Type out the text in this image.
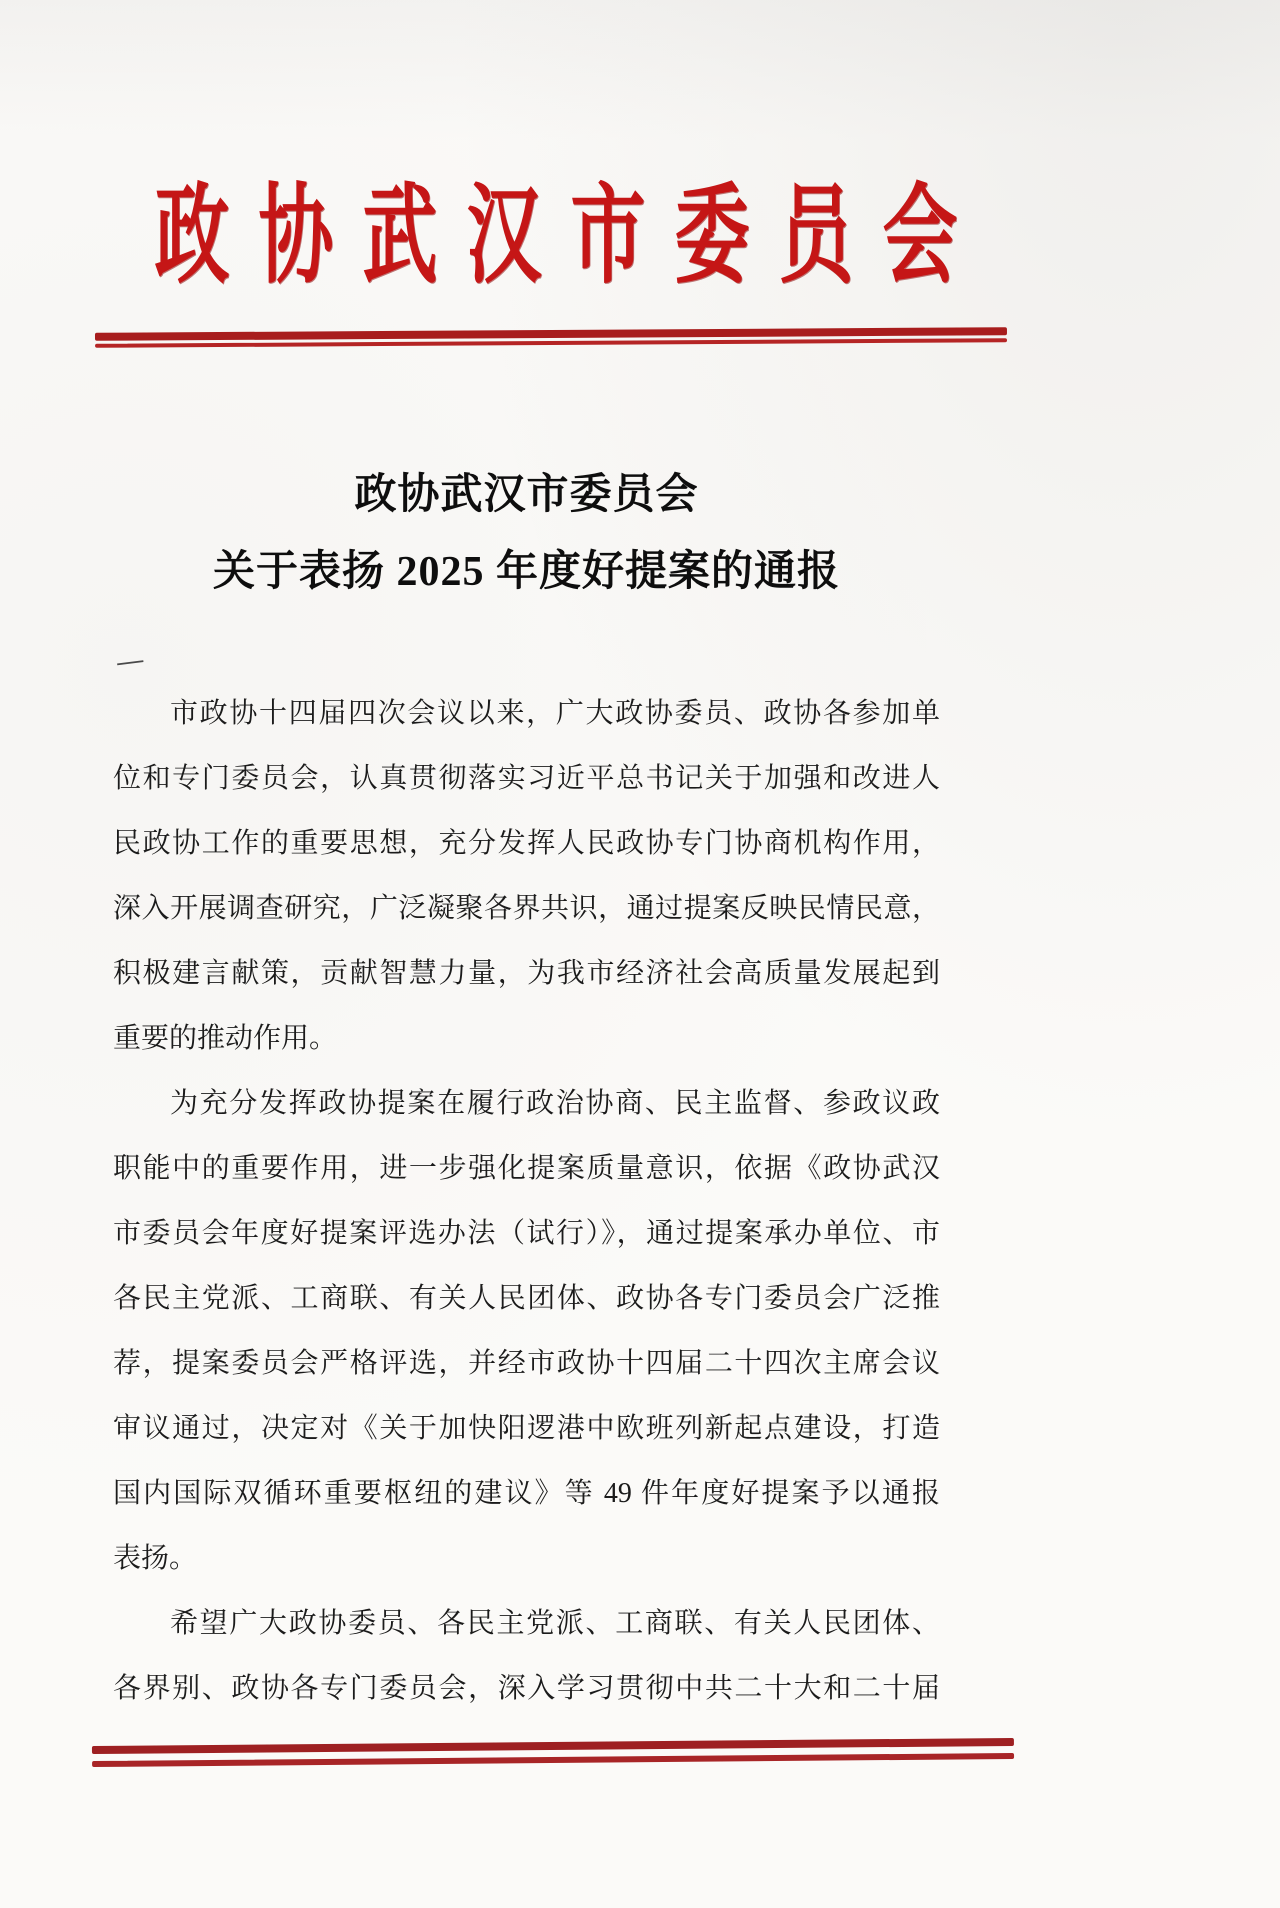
政 协 武 汉 市 委 员 会
政协武汉市委员会
关于表扬 2025 年度好提案的通报
—
市政协十四届四次会议以来，广大政协委员、政协各参加单
位和专门委员会，认真贯彻落实习近平总书记关于加强和改进人
民政协工作的重要思想，充分发挥人民政协专门协商机构作用，
深入开展调查研究，广泛凝聚各界共识，通过提案反映民情民意，
积极建言献策，贡献智慧力量，为我市经济社会高质量发展起到
重要的推动作用。
为充分发挥政协提案在履行政治协商、民主监督、参政议政
职能中的重要作用，进一步强化提案质量意识，依据《政协武汉
市委员会年度好提案评选办法（试行）》，通过提案承办单位、市
各民主党派、工商联、有关人民团体、政协各专门委员会广泛推
荐，提案委员会严格评选，并经市政协十四届二十四次主席会议
审议通过，决定对《关于加快阳逻港中欧班列新起点建设，打造
国内国际双循环重要枢纽的建议》等 49 件年度好提案予以通报
表扬。
希望广大政协委员、各民主党派、工商联、有关人民团体、
各界别、政协各专门委员会，深入学习贯彻中共二十大和二十届
